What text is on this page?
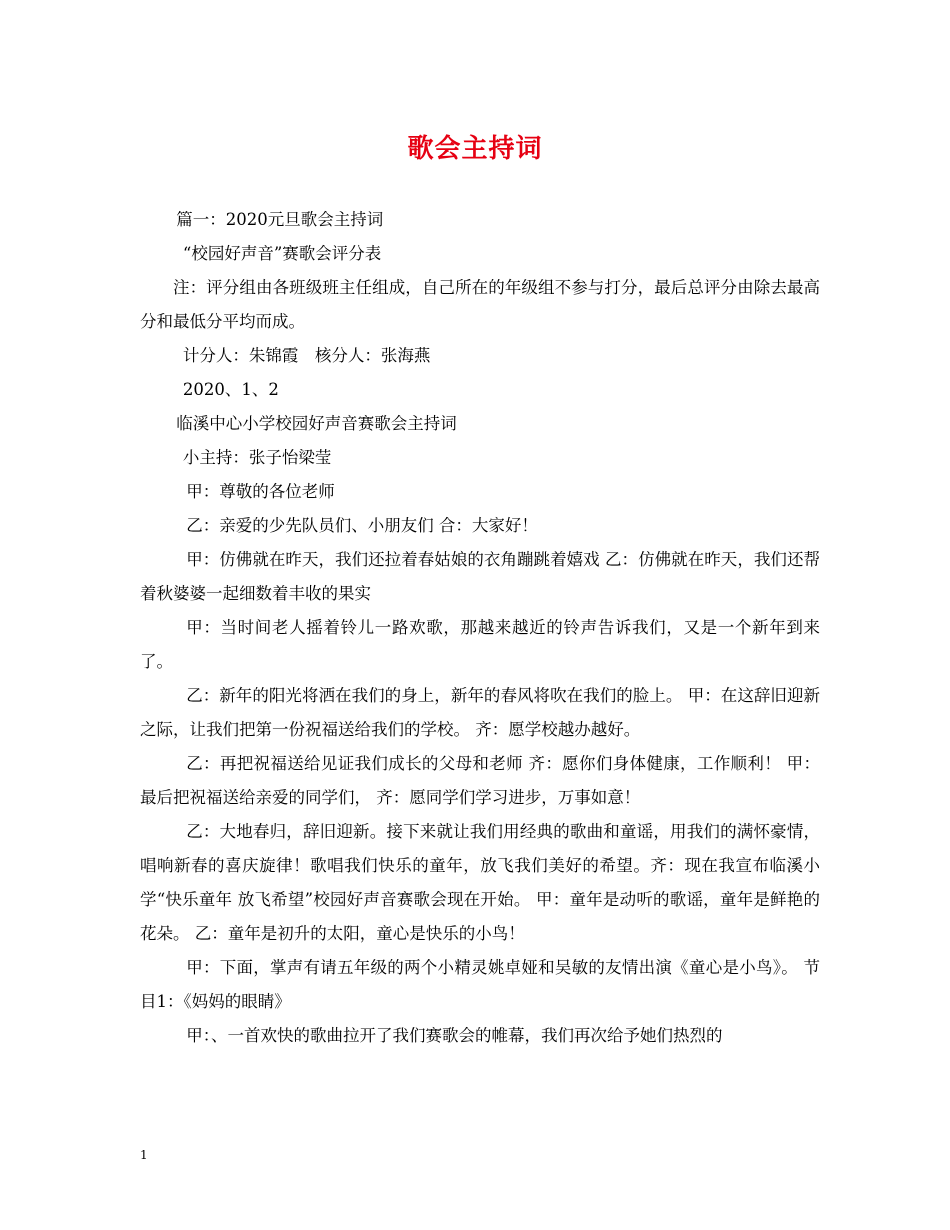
歌会主持词

篇一：2020元旦歌会主持词

“校园好声音”赛歌会评分表

注：评分组由各班级班主任组成，自己所在的年级组不参与打分，最后总评分由除去最高分和最低分平均而成。

计分人：朱锦霞　核分人：张海燕

2020、1、2

临溪中心小学校园好声音赛歌会主持词

小主持：张子怡梁莹

甲：尊敬的各位老师

乙：亲爱的少先队员们、小朋友们 合：大家好！

甲：仿佛就在昨天，我们还拉着春姑娘的衣角蹦跳着嬉戏 乙：仿佛就在昨天，我们还帮着秋婆婆一起细数着丰收的果实

甲：当时间老人摇着铃儿一路欢歌，那越来越近的铃声告诉我们，又是一个新年到来了。

乙：新年的阳光将洒在我们的身上，新年的春风将吹在我们的脸上。 甲：在这辞旧迎新之际，让我们把第一份祝福送给我们的学校。 齐：愿学校越办越好。

乙：再把祝福送给见证我们成长的父母和老师 齐：愿你们身体健康，工作顺利！ 甲：最后把祝福送给亲爱的同学们， 齐：愿同学们学习进步，万事如意！

乙：大地春归，辞旧迎新。接下来就让我们用经典的歌曲和童谣，用我们的满怀豪情，唱响新春的喜庆旋律！歌唱我们快乐的童年，放飞我们美好的希望。齐：现在我宣布临溪小学“快乐童年 放飞希望”校园好声音赛歌会现在开始。 甲：童年是动听的歌谣，童年是鲜艳的花朵。 乙：童年是初升的太阳，童心是快乐的小鸟！

甲：下面，掌声有请五年级的两个小精灵姚卓娅和吴敏的友情出演《童心是小鸟》。 节目1：《妈妈的眼睛》

甲：、一首欢快的歌曲拉开了我们赛歌会的帷幕，我们再次给予她们热烈的

1
